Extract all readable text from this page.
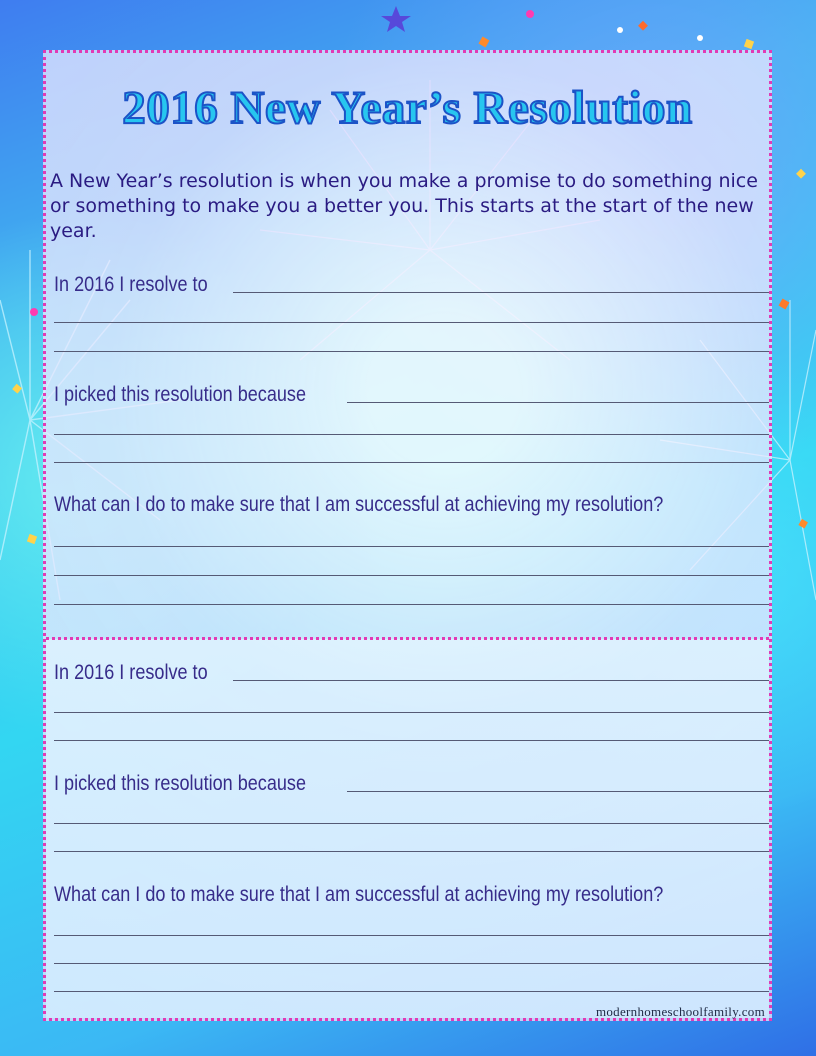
2016 New Year’s Resolution

A New Year’s resolution is when you make a promise to do something nice or something to make you a better you. This starts at the start of the new year.

In 2016 I resolve to
I picked this resolution because
What can I do to make sure that I am successful at achieving my resolution?
In 2016 I resolve to
I picked this resolution because
What can I do to make sure that I am successful at achieving my resolution?
modernhomeschoolfamily.com
